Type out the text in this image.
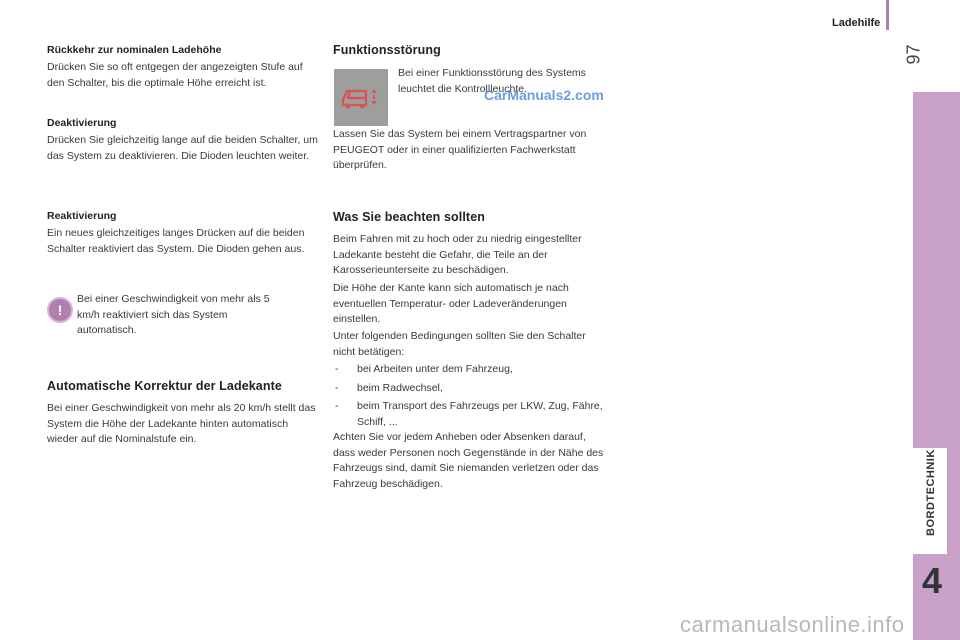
Ladehilfe
97
BORDTECHNIK
4
Rückkehr zur nominalen Ladehöhe

Drücken Sie so oft entgegen der angezeigten Stufe auf den Schalter, bis die optimale Höhe erreicht ist.

Deaktivierung

Drücken Sie gleichzeitig lange auf die beiden Schalter, um das System zu deaktivieren. Die Dioden leuchten weiter.

Reaktivierung

Ein neues gleichzeitiges langes Drücken auf die beiden Schalter reaktiviert das System. Die Dioden gehen aus.

!

Bei einer Geschwindigkeit von mehr als 5 km/h reaktiviert sich das System automatisch.

Automatische Korrektur der Ladekante

Bei einer Geschwindigkeit von mehr als 20 km/h stellt das System die Höhe der Ladekante hinten automatisch wieder auf die Nominalstufe ein.

Funktionsstörung

Bei einer Funktionsstörung des Systems leuchtet die Kontrollleuchte.

Lassen Sie das System bei einem Vertragspartner von PEUGEOT oder in einer qualifizierten Fachwerkstatt überprüfen.

Was Sie beachten sollten

Beim Fahren mit zu hoch oder zu niedrig eingestellter Ladekante besteht die Gefahr, die Teile an der Karosserieunterseite zu beschädigen.

Die Höhe der Kante kann sich automatisch je nach eventuellen Temperatur- oder Ladeveränderungen einstellen.

Unter folgenden Bedingungen sollten Sie den Schalter nicht betätigen:

- bei Arbeiten unter dem Fahrzeug,
- beim Radwechsel,
- beim Transport des Fahrzeugs per LKW, Zug, Fähre, Schiff, ...

Achten Sie vor jedem Anheben oder Absenken darauf, dass weder Personen noch Gegenstände in der Nähe des Fahrzeugs sind, damit Sie niemanden verletzen oder das Fahrzeug beschädigen.

CarManuals2.com
carmanualsonline.info
